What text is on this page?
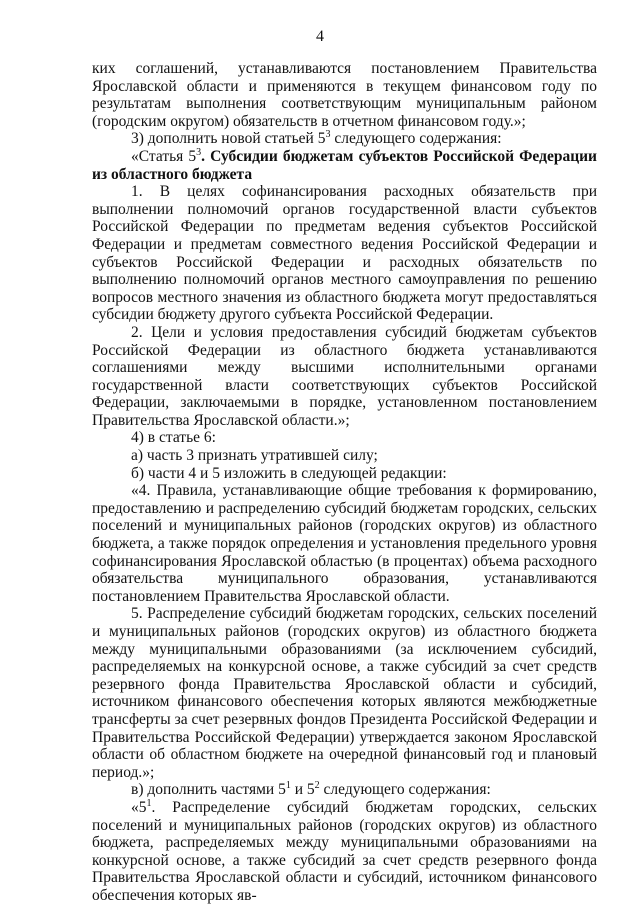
4

ких соглашений, устанавливаются постановлением Правительства Ярославской области и применяются в текущем финансовом году по результатам выполнения соответствующим муниципальным районом (городским округом) обязательств в отчетном финансовом году.»;

3) дополнить новой статьей $5^3$ следующего содержания:

«Статья $5^3$. Субсидии бюджетам субъектов Российской Федерации из областного бюджета

1. В целях софинансирования расходных обязательств при выполнении полномочий органов государственной власти субъектов Российской Федерации по предметам ведения субъектов Российской Федерации и предметам совместного ведения Российской Федерации и субъектов Российской Федерации и расходных обязательств по выполнению полномочий органов местного самоуправления по решению вопросов местного значения из областного бюджета могут предоставляться субсидии бюджету другого субъекта Российской Федерации.

2. Цели и условия предоставления субсидий бюджетам субъектов Российской Федерации из областного бюджета устанавливаются соглашениями между высшими исполнительными органами государственной власти соответствующих субъектов Российской Федерации, заключаемыми в порядке, установленном постановлением Правительства Ярославской области.»;

4) в статье 6:

а) часть 3 признать утратившей силу;

б) части 4 и 5 изложить в следующей редакции:

«4. Правила, устанавливающие общие требования к формированию, предоставлению и распределению субсидий бюджетам городских, сельских поселений и муниципальных районов (городских округов) из областного бюджета, а также порядок определения и установления предельного уровня софинансирования Ярославской областью (в процентах) объема расходного обязательства муниципального образования, устанавливаются постановлением Правительства Ярославской области.

5. Распределение субсидий бюджетам городских, сельских поселений и муниципальных районов (городских округов) из областного бюджета между муниципальными образованиями (за исключением субсидий, распределяемых на конкурсной основе, а также субсидий за счет средств резервного фонда Правительства Ярославской области и субсидий, источником финансового обеспечения которых являются межбюджетные трансферты за счет резервных фондов Президента Российской Федерации и Правительства Российской Федерации) утверждается законом Ярославской области об областном бюджете на очередной финансовый год и плановый период.»;

в) дополнить частями $5^1$ и $5^2$ следующего содержания:

«$5^1$. Распределение субсидий бюджетам городских, сельских поселений и муниципальных районов (городских округов) из областного бюджета, распределяемых между муниципальными образованиями на конкурсной основе, а также субсидий за счет средств резервного фонда Правительства Ярославской области и субсидий, источником финансового обеспечения которых яв-
